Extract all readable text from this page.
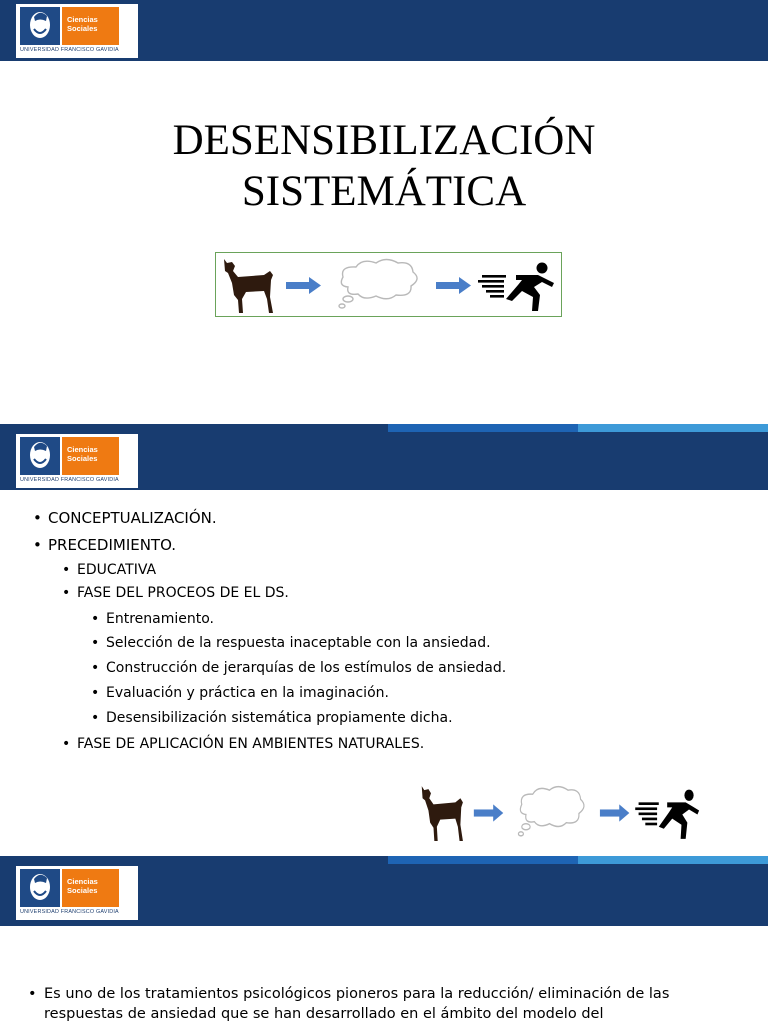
Ciencias
Sociales
UNIVERSIDAD FRANCISCO GAVIDIA
DESENSIBILIZACIÓN
SISTEMÁTICA
Ciencias
Sociales
UNIVERSIDAD FRANCISCO GAVIDIA
• CONCEPTUALIZACIÓN.
• PRECEDIMIENTO.
• EDUCATIVA
• FASE DEL PROCEOS DE EL DS.
• Entrenamiento.
• Selección de la respuesta inaceptable con la ansiedad.
• Construcción de jerarquías de los estímulos de ansiedad.
• Evaluación y práctica en la imaginación.
• Desensibilización sistemática propiamente dicha.
• FASE DE APLICACIÓN EN AMBIENTES NATURALES.
Ciencias
Sociales
UNIVERSIDAD FRANCISCO GAVIDIA
• Es uno de los tratamientos psicológicos pioneros para la reducción/ eliminación de las
respuestas de ansiedad que se han desarrollado en el ámbito del modelo del
